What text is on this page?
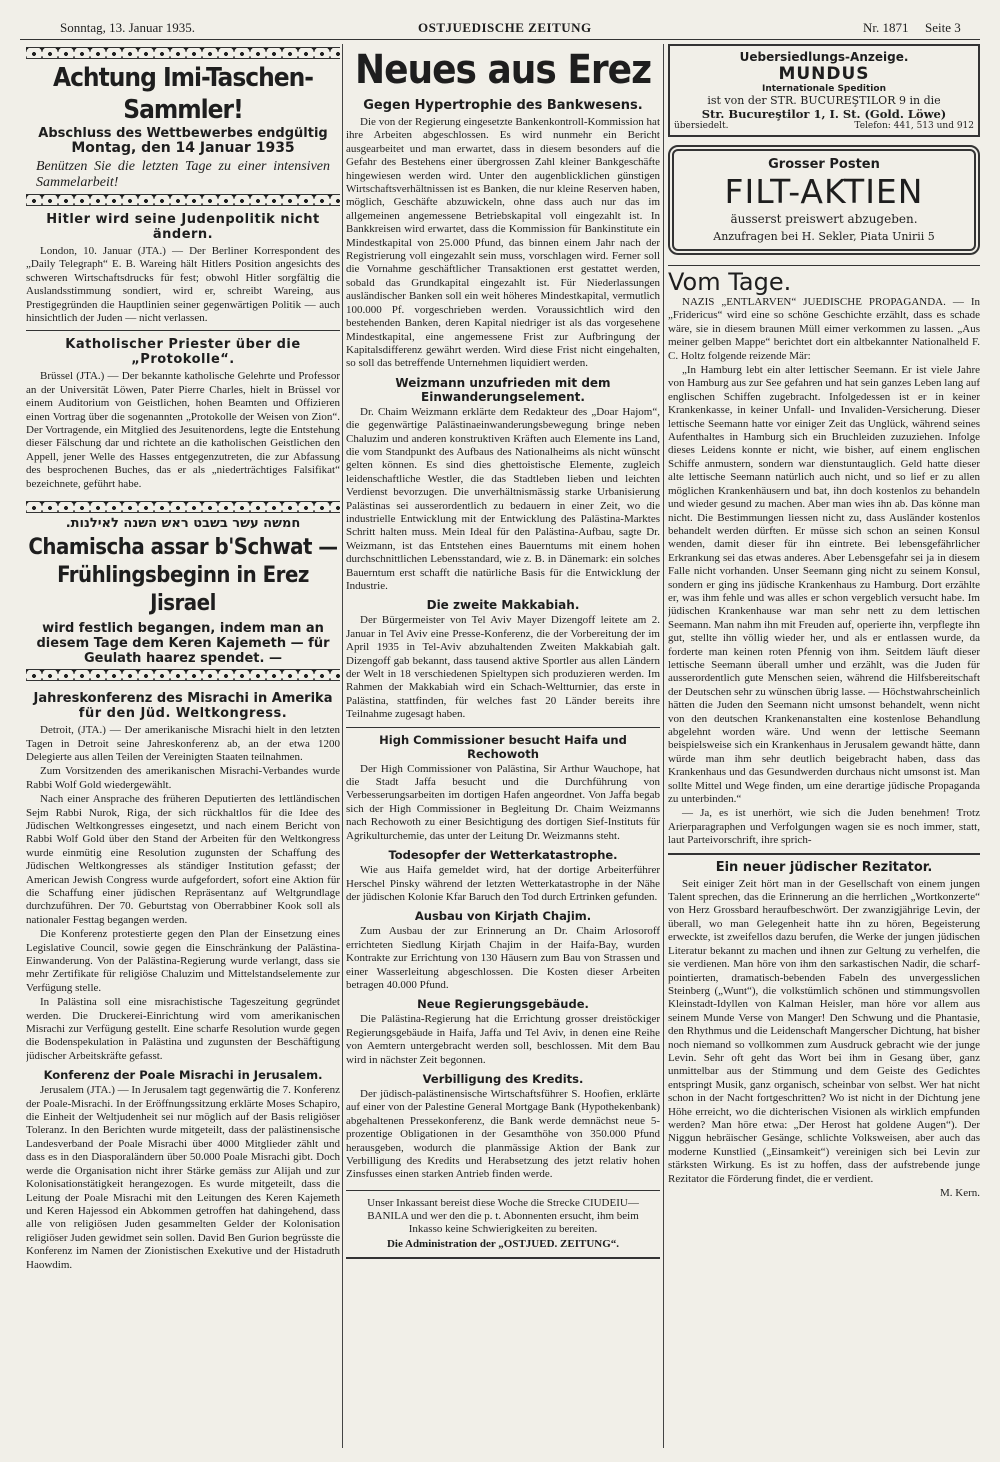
Sonntag, 13. Januar 1935.	OSTJUEDISCHE ZEITUNG	Nr. 1871 Seite 3
Achtung Imi-Taschen-Sammler!
Abschluss des Wettbewerbes endgültig
Montag, den 14 Januar 1935
Benützen Sie die letzten Tage zu einer intensiven Sammelarbeit!
Hitler wird seine Judenpolitik nicht ändern.

London, 10. Januar (JTA.) — Der Berliner Korrespondent des „Daily Telegraph“ E. B. Wareing hält Hitlers Position angesichts des schweren Wirtschaftsdrucks für fest; obwohl Hitler sorgfältig die Auslandsstimmung sondiert, wird er, schreibt Wareing, aus Prestigegründen die Hauptlinien seiner gegenwärtigen Politik — auch hinsichtlich der Juden — nicht verlassen.

Katholischer Priester über die „Protokolle“.

Brüssel (JTA.) — Der bekannte katholische Gelehrte und Professor an der Universität Löwen, Pater Pierre Charles, hielt in Brüssel vor einem Auditorium von Geistlichen, hohen Beamten und Offizieren einen Vortrag über die sogenannten „Protokolle der Weisen von Zion“. Der Vortragende, ein Mitglied des Jesuitenordens, legte die Entstehung dieser Fälschung dar und richtete an die katholischen Geistlichen den Appell, jener Welle des Hasses entgegenzutreten, die zur Abfassung des besprochenen Buches, das er als „niederträchtiges Falsifikat“ bezeichnete, geführt habe.

חמשה עשר בשבט ראש השנה לאילנות.
Chamischa assar b'Schwat —
Frühlingsbeginn in Erez Jisrael
wird festlich begangen, indem man an diesem Tage dem Keren Kajemeth — für Geulath haarez spendet. —
Jahreskonferenz des Misrachi in Amerika
für den Jüd. Weltkongress.

Detroit, (JTA.) — Der amerikanische Misrachi hielt in den letzten Tagen in Detroit seine Jahreskonferenz ab, an der etwa 1200 Delegierte aus allen Teilen der Vereinigten Staaten teilnahmen.

Zum Vorsitzenden des amerikanischen Misrachi-Verbandes wurde Rabbi Wolf Gold wiedergewählt.

Nach einer Ansprache des früheren Deputierten des lettländischen Sejm Rabbi Nurok, Riga, der sich rückhaltlos für die Idee des Jüdischen Weltkongresses eingesetzt, und nach einem Bericht von Rabbi Wolf Gold über den Stand der Arbeiten für den Weltkongress wurde einmütig eine Resolution zugunsten der Schaffung des Jüdischen Weltkongresses als ständiger Institution gefasst; der American Jewish Congress wurde aufgefordert, sofort eine Aktion für die Schaffung einer jüdischen Repräsentanz auf Weltgrundlage durchzuführen. Der 70. Geburtstag von Oberrabbiner Kook soll als nationaler Festtag begangen werden.

Die Konferenz protestierte gegen den Plan der Einsetzung eines Legislative Council, sowie gegen die Einschränkung der Palästina-Einwanderung. Von der Palästina-Regierung wurde verlangt, dass sie mehr Zertifikate für religiöse Chaluzim und Mittelstandselemente zur Verfügung stelle.

In Palästina soll eine misrachistische Tageszeitung gegründet werden. Die Druckerei-Einrichtung wird vom amerikanischen Misrachi zur Verfügung gestellt. Eine scharfe Resolution wurde gegen die Bodenspekulation in Palästina und zugunsten der Beschäftigung jüdischer Arbeitskräfte gefasst.

Konferenz der Poale Misrachi in Jerusalem.

Jerusalem (JTA.) — In Jerusalem tagt gegenwärtig die 7. Konferenz der Poale-Misrachi. In der Eröffnungssitzung erklärte Moses Schapiro, die Einheit der Weltjudenheit sei nur möglich auf der Basis religiöser Toleranz. In den Berichten wurde mitgeteilt, dass der palästinensische Landesverband der Poale Misrachi über 4000 Mitglieder zählt und dass es in den Diasporaländern über 50.000 Poale Misrachi gibt. Doch werde die Organisation nicht ihrer Stärke gemäss zur Alijah und zur Kolonisationstätigkeit herangezogen. Es wurde mitgeteilt, dass die Leitung der Poale Misrachi mit den Leitungen des Keren Kajemeth und Keren Hajessod ein Abkommen getroffen hat dahingehend, dass alle von religiösen Juden gesammelten Gelder der Kolonisation religiöser Juden gewidmet sein sollen. David Ben Gurion begrüsste die Konferenz im Namen der Zionistischen Exekutive und der Histadruth Haowdim.

Neues aus Erez
Gegen Hypertrophie des Bankwesens.

Die von der Regierung eingesetzte Bankenkontroll-Kommission hat ihre Arbeiten abgeschlossen. Es wird nunmehr ein Bericht ausgearbeitet und man erwartet, dass in diesem besonders auf die Gefahr des Bestehens einer übergrossen Zahl kleiner Bankgeschäfte hingewiesen werden wird. Unter den augenblicklichen günstigen Wirtschaftsverhältnissen ist es Banken, die nur kleine Reserven haben, möglich, Geschäfte abzuwickeln, ohne dass auch nur das im allgemeinen angemessene Betriebskapital voll eingezahlt ist. In Bankkreisen wird erwartet, dass die Kommission für Bankinstitute ein Mindestkapital von 25.000 Pfund, das binnen einem Jahr nach der Registrierung voll eingezahlt sein muss, vorschlagen wird. Ferner soll die Vornahme geschäftlicher Transaktionen erst gestattet werden, sobald das Grundkapital eingezahlt ist. Für Niederlassungen ausländischer Banken soll ein weit höheres Mindestkapital, vermutlich 100.000 Pf. vorgeschrieben werden. Voraussichtlich wird den bestehenden Banken, deren Kapital niedriger ist als das vorgesehene Mindestkapital, eine angemessene Frist zur Aufbringung der Kapitalsdifferenz gewährt werden. Wird diese Frist nicht eingehalten, so soll das betreffende Unternehmen liquidiert werden.

Weizmann unzufrieden mit dem Einwanderungselement.

Dr. Chaim Weizmann erklärte dem Redakteur des „Doar Hajom“, die gegenwärtige Palästinaeinwanderungsbewegung bringe neben Chaluzim und anderen konstruktiven Kräften auch Elemente ins Land, die vom Standpunkt des Aufbaus des Nationalheims als nicht wünscht gelten können. Es sind dies ghettoistische Elemente, zugleich leidenschaftliche Westler, die das Stadtleben lieben und leichten Verdienst bevorzugen. Die unverhältnismässig starke Urbanisierung Palästinas sei ausserordentlich zu bedauern in einer Zeit, wo die industrielle Entwicklung mit der Entwicklung des Palästina-Marktes Schritt halten muss. Mein Ideal für den Palästina-Aufbau, sagte Dr. Weizmann, ist das Entstehen eines Bauerntums mit einem hohen durchschnittlichen Lebensstandard, wie z. B. in Dänemark: ein solches Bauerntum erst schafft die natürliche Basis für die Entwicklung der Industrie.

Die zweite Makkabiah.

Der Bürgermeister von Tel Aviv Mayer Dizengoff leitete am 2. Januar in Tel Aviv eine Presse-Konferenz, die der Vorbereitung der im April 1935 in Tel-Aviv abzuhaltenden Zweiten Makkabiah galt. Dizengoff gab bekannt, dass tausend aktive Sportler aus allen Ländern der Welt in 18 verschiedenen Spieltypen sich produzieren werden. Im Rahmen der Makkabiah wird ein Schach-Weltturnier, das erste in Palästina, stattfinden, für welches fast 20 Länder bereits ihre Teilnahme zugesagt haben.

High Commissioner besucht Haifa und Rechowoth

Der High Commissioner von Palästina, Sir Arthur Wauchope, hat die Stadt Jaffa besucht und die Durchführung von Verbesserungsarbeiten im dortigen Hafen angeordnet. Von Jaffa begab sich der High Commissioner in Begleitung Dr. Chaim Weizmanns nach Rechowoth zu einer Besichtigung des dortigen Sief-Instituts für Agrikulturchemie, das unter der Leitung Dr. Weizmanns steht.

Todesopfer der Wetterkatastrophe.

Wie aus Haifa gemeldet wird, hat der dortige Arbeiterführer Herschel Pinsky während der letzten Wetterkatastrophe in der Nähe der jüdischen Kolonie Kfar Baruch den Tod durch Ertrinken gefunden.

Ausbau von Kirjath Chajim.

Zum Ausbau der zur Erinnerung an Dr. Chaim Arlosoroff errichteten Siedlung Kirjath Chajim in der Haifa-Bay, wurden Kontrakte zur Errichtung von 130 Häusern zum Bau von Strassen und einer Wasserleitung abgeschlossen. Die Kosten dieser Arbeiten betragen 40.000 Pfund.

Neue Regierungsgebäude.

Die Palästina-Regierung hat die Errichtung grosser dreistöckiger Regierungsgebäude in Haifa, Jaffa und Tel Aviv, in denen eine Reihe von Aemtern untergebracht werden soll, beschlossen. Mit dem Bau wird in nächster Zeit begonnen.

Verbilligung des Kredits.

Der jüdisch-palästinensische Wirtschaftsführer S. Hoofien, erklärte auf einer von der Palestine General Mortgage Bank (Hypothekenbank) abgehaltenen Pressekonferenz, die Bank werde demnächst neue 5-prozentige Obligationen in der Gesamthöhe von 350.000 Pfund herausgeben, wodurch die planmässige Aktion der Bank zur Verbilligung des Kredits und Herabsetzung des jetzt relativ hohen Zinsfusses einen starken Antrieb finden werde.

Unser Inkassant bereist diese Woche die Strecke CIUDEIU—BANILA und wer den die p. t. Abonnenten ersucht, ihm beim Inkasso keine Schwierigkeiten zu bereiten.
Die Administration der „OSTJUED. ZEITUNG“.
Uebersiedlungs-Anzeige.
MUNDUS
Internationale Spedition
ist von der STR. BUCUREŞTILOR 9 in die
Str. Bucureştilor 1, I. St. (Gold. Löwe)
übersiedelt.	Telefon: 441, 513 und 912
Grosser Posten
FILT-AKTIEN
äusserst preiswert abzugeben.
Anzufragen bei H. Sekler, Piata Unirii 5
Vom Tage.

NAZIS „ENTLARVEN“ JUEDISCHE PROPAGANDA. — In „Fridericus“ wird eine so schöne Geschichte erzählt, dass es schade wäre, sie in diesem braunen Müll eimer verkommen zu lassen. „Aus meiner gelben Mappe“ berichtet dort ein altbekannter Nationalheld F. C. Holtz folgende reizende Mär:

„In Hamburg lebt ein alter lettischer Seemann. Er ist viele Jahre von Hamburg aus zur See gefahren und hat sein ganzes Leben lang auf englischen Schiffen zugebracht. Infolgedessen ist er in keiner Krankenkasse, in keiner Unfall- und Invaliden-Versicherung. Dieser lettische Seemann hatte vor einiger Zeit das Unglück, während seines Aufenthaltes in Hamburg sich ein Bruchleiden zuzuziehen. Infolge dieses Leidens konnte er nicht, wie bisher, auf einem englischen Schiffe anmustern, sondern war dienstuntauglich. Geld hatte dieser alte lettische Seemann natürlich auch nicht, und so lief er zu allen möglichen Krankenhäusern und bat, ihn doch kostenlos zu behandeln und wieder gesund zu machen. Aber man wies ihn ab. Das könne man nicht. Die Bestimmungen liessen nicht zu, dass Ausländer kostenlos behandelt werden dürften. Er müsse sich schon an seinen Konsul wenden, damit dieser für ihn eintrete. Bei lebensgefährlicher Erkrankung sei das etwas anderes. Aber Lebensgefahr sei ja in diesem Falle nicht vorhanden. Unser Seemann ging nicht zu seinem Konsul, sondern er ging ins jüdische Krankenhaus zu Hamburg. Dort erzählte er, was ihm fehle und was alles er schon vergeblich versucht habe. Im jüdischen Krankenhause war man sehr nett zu dem lettischen Seemann. Man nahm ihn mit Freuden auf, operierte ihn, verpflegte ihn gut, stellte ihn völlig wieder her, und als er entlassen wurde, da forderte man keinen roten Pfennig von ihm. Seitdem läuft dieser lettische Seemann überall umher und erzählt, was die Juden für ausserordentlich gute Menschen seien, während die Hilfsbereitschaft der Deutschen sehr zu wünschen übrig lasse. — Höchstwahrscheinlich hätten die Juden den Seemann nicht umsonst behandelt, wenn nicht von den deutschen Krankenanstalten eine kostenlose Behandlung abgelehnt worden wäre. Und wenn der lettische Seemann beispielsweise sich ein Krankenhaus in Jerusalem gewandt hätte, dann würde man ihm sehr deutlich beigebracht haben, dass das Krankenhaus und das Gesundwerden durchaus nicht umsonst ist. Man sollte Mittel und Wege finden, um eine derartige jüdische Propaganda zu unterbinden.“

— Ja, es ist unerhört, wie sich die Juden benehmen! Trotz Arierparagraphen und Verfolgungen wagen sie es noch immer, statt, laut Parteivorschrift, ihre sprich-

Ein neuer jüdischer Rezitator.

Seit einiger Zeit hört man in der Gesellschaft von einem jungen Talent sprechen, das die Erinnerung an die herrlichen „Wortkonzerte“ von Herz Grossbard heraufbeschwört. Der zwanzigjährige Levin, der überall, wo man Gelegenheit hatte ihn zu hören, Begeisterung erweckte, ist zweifellos dazu berufen, die Werke der jungen jüdischen Literatur bekannt zu machen und ihnen zur Geltung zu verhelfen, die sie verdienen. Man höre von ihm den sarkastischen Nadir, die scharf-pointierten, dramatisch-bebenden Fabeln des unvergesslichen Steinberg („Wunt“), die volkstümlich schönen und stimmungsvollen Kleinstadt-Idyllen von Kalman Heisler, man höre vor allem aus seinem Munde Verse von Manger! Den Schwung und die Phantasie, den Rhythmus und die Leidenschaft Mangerscher Dichtung, hat bisher noch niemand so vollkommen zum Ausdruck gebracht wie der junge Levin. Sehr oft geht das Wort bei ihm in Gesang über, ganz unmittelbar aus der Stimmung und dem Geiste des Gedichtes entspringt Musik, ganz organisch, scheinbar von selbst. Wer hat nicht schon in der Nacht fortgeschritten? Wo ist nicht in der Dichtung jene Höhe erreicht, wo die dichterischen Visionen als wirklich empfunden werden? Man höre etwa: „Der Herost hat goldene Augen“). Der Niggun hebräischer Gesänge, schlichte Volksweisen, aber auch das moderne Kunstlied („Einsamkeit“) vereinigen sich bei Levin zur stärksten Wirkung. Es ist zu hoffen, dass der aufstrebende junge Rezitator die Förderung findet, die er verdient.

M. Kern.
